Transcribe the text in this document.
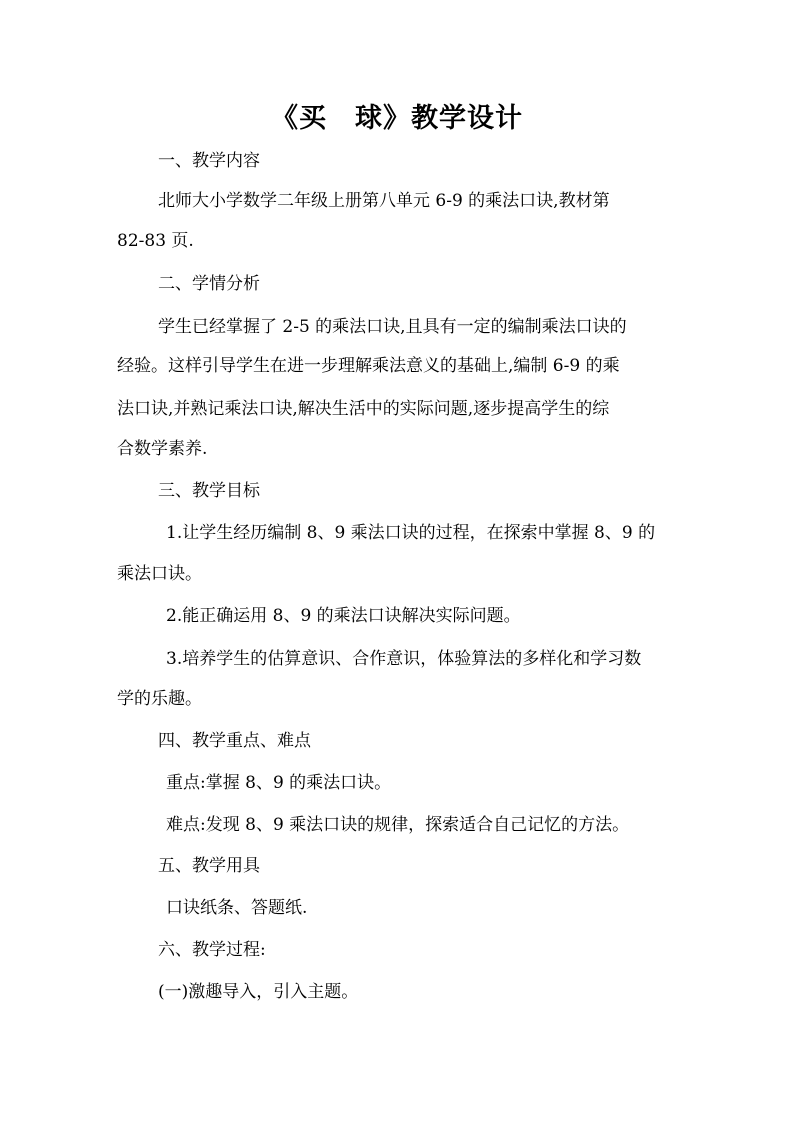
《买　球》教学设计
一、教学内容
北师大小学数学二年级上册第八单元 6-9 的乘法口诀,教材第
82-83 页.
二、学情分析
学生已经掌握了 2-5 的乘法口诀,且具有一定的编制乘法口诀的
经验。这样引导学生在进一步理解乘法意义的基础上,编制 6-9 的乘
法口诀,并熟记乘法口诀,解决生活中的实际问题,逐步提高学生的综
合数学素养.
三、教学目标
1.让学生经历编制 8、9 乘法口诀的过程，在探索中掌握 8、9 的
乘法口诀。
2.能正确运用 8、9 的乘法口诀解决实际问题。
3.培养学生的估算意识、合作意识，体验算法的多样化和学习数
学的乐趣。
四、教学重点、难点
重点:掌握 8、9 的乘法口诀。
难点:发现 8、9 乘法口诀的规律，探索适合自己记忆的方法。
五、教学用具
口诀纸条、答题纸.
六、教学过程:
(一)激趣导入，引入主题。
